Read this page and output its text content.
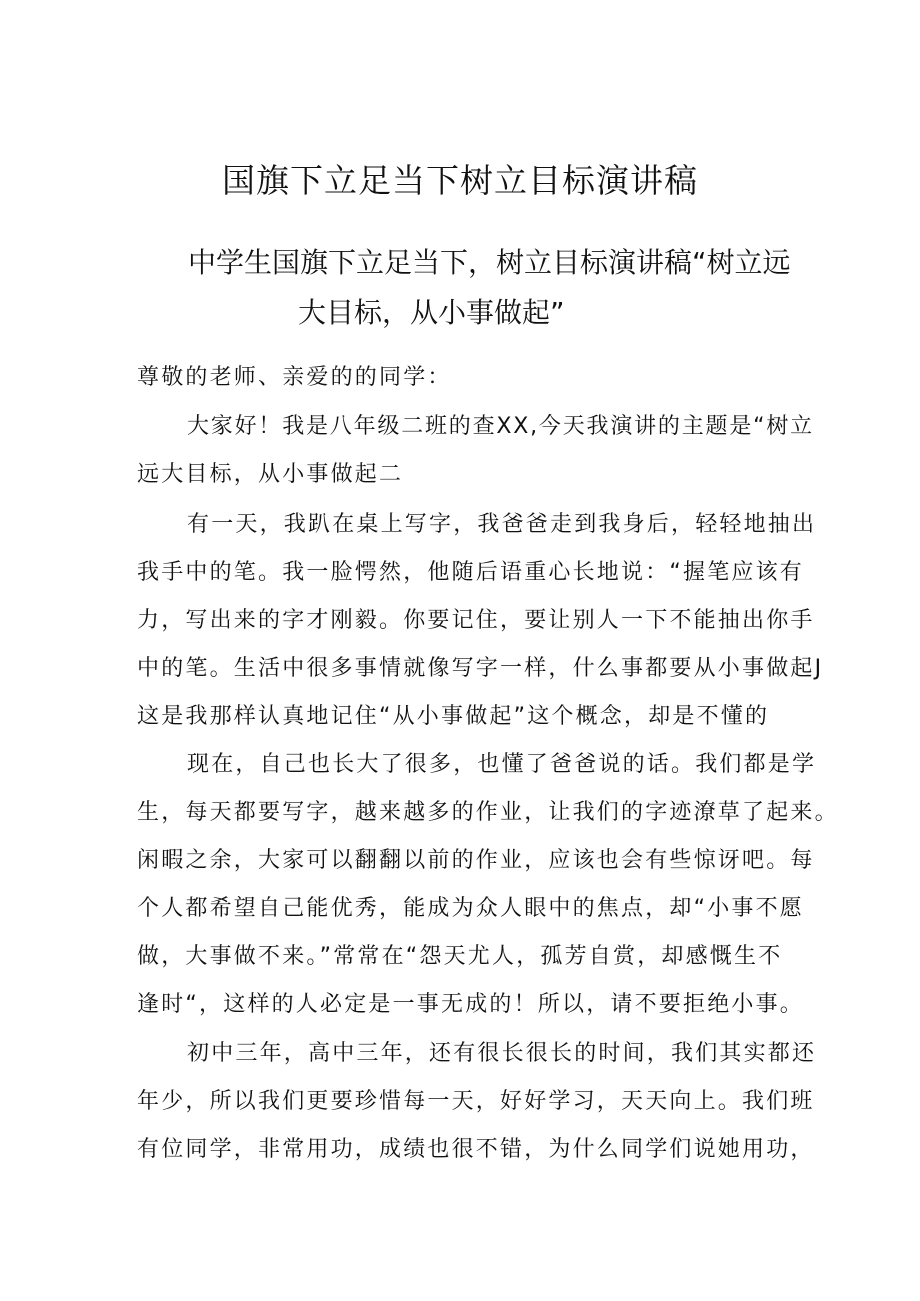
国旗下立足当下树立目标演讲稿
中学生国旗下立足当下，树立目标演讲稿“树立远
大目标，从小事做起”

尊敬的老师、亲爱的的同学：

大家好！我是八年级二班的查XX,今天我演讲的主题是“树立

远大目标，从小事做起二

有一天，我趴在桌上写字，我爸爸走到我身后，轻轻地抽出

我手中的笔。我一脸愕然，他随后语重心长地说：“握笔应该有

力，写出来的字才刚毅。你要记住，要让别人一下不能抽出你手

中的笔。生活中很多事情就像写字一样，什么事都要从小事做起J

这是我那样认真地记住“从小事做起”这个概念，却是不懂的

现在，自己也长大了很多，也懂了爸爸说的话。我们都是学

生，每天都要写字，越来越多的作业，让我们的字迹潦草了起来。

闲暇之余，大家可以翻翻以前的作业，应该也会有些惊讶吧。每

个人都希望自己能优秀，能成为众人眼中的焦点，却“小事不愿

做，大事做不来。”常常在“怨天尤人，孤芳自赏，却感慨生不

逢时“，这样的人必定是一事无成的！所以，请不要拒绝小事。

初中三年，高中三年，还有很长很长的时间，我们其实都还

年少，所以我们更要珍惜每一天，好好学习，天天向上。我们班

有位同学，非常用功，成绩也很不错，为什么同学们说她用功，
